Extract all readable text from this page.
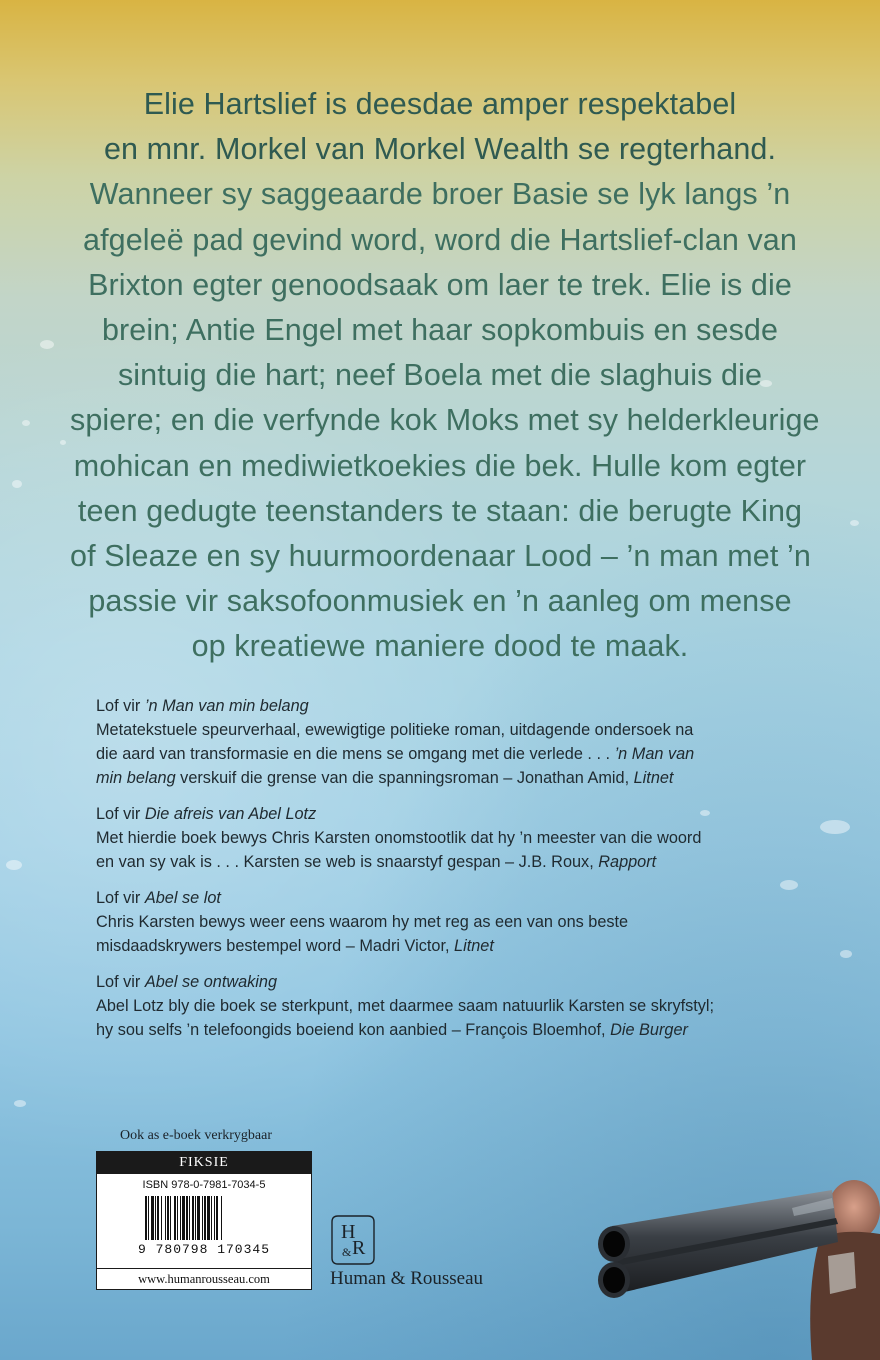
Elie Hartslief is deesdae amper respektabel
en mnr. Morkel van Morkel Wealth se regterhand.
Wanneer sy saggeaarde broer Basie se lyk langs ’n
afgeleë pad gevind word, word die Hartslief-clan van
Brixton egter genoodsaak om laer te trek. Elie is die
brein; Antie Engel met haar sopkombuis en sesde
sintuig die hart; neef Boela met die slaghuis die
spiere; en die verfynde kok Moks met sy helderkleurige
mohican en mediwietkoekies die bek. Hulle kom egter
teen gedugte teenstanders te staan: die berugte King
of Sleaze en sy huurmoordenaar Lood – ’n man met ’n
passie vir saksofoonmusiek en ’n aanleg om mense
op kreatiewe maniere dood te maak.
Lof vir ’n Man van min belang
Metatekstuele speurverhaal, ewewigtige politieke roman, uitdagende ondersoek na
die aard van transformasie en die mens se omgang met die verlede . . . ’n Man van
min belang verskuif die grense van die spanningsroman – Jonathan Amid, Litnet
Lof vir Die afreis van Abel Lotz
Met hierdie boek bewys Chris Karsten onomstootlik dat hy ’n meester van die woord
en van sy vak is . . . Karsten se web is snaarstyf gespan – J.B. Roux, Rapport
Lof vir Abel se lot
Chris Karsten bewys weer eens waarom hy met reg as een van ons beste
misdaadskrywers bestempel word – Madri Victor, Litnet
Lof vir Abel se ontwaking
Abel Lotz bly die boek se sterkpunt, met daarmee saam natuurlik Karsten se skryfstyl;
hy sou selfs ’n telefoongids boeiend kon aanbied – François Bloemhof, Die Burger
Ook as e-boek verkrygbaar
FIKSIE
ISBN 978-0-7981-7034-5
9 780798 170345
www.humanrousseau.com
H
R
&
Human & Rousseau
